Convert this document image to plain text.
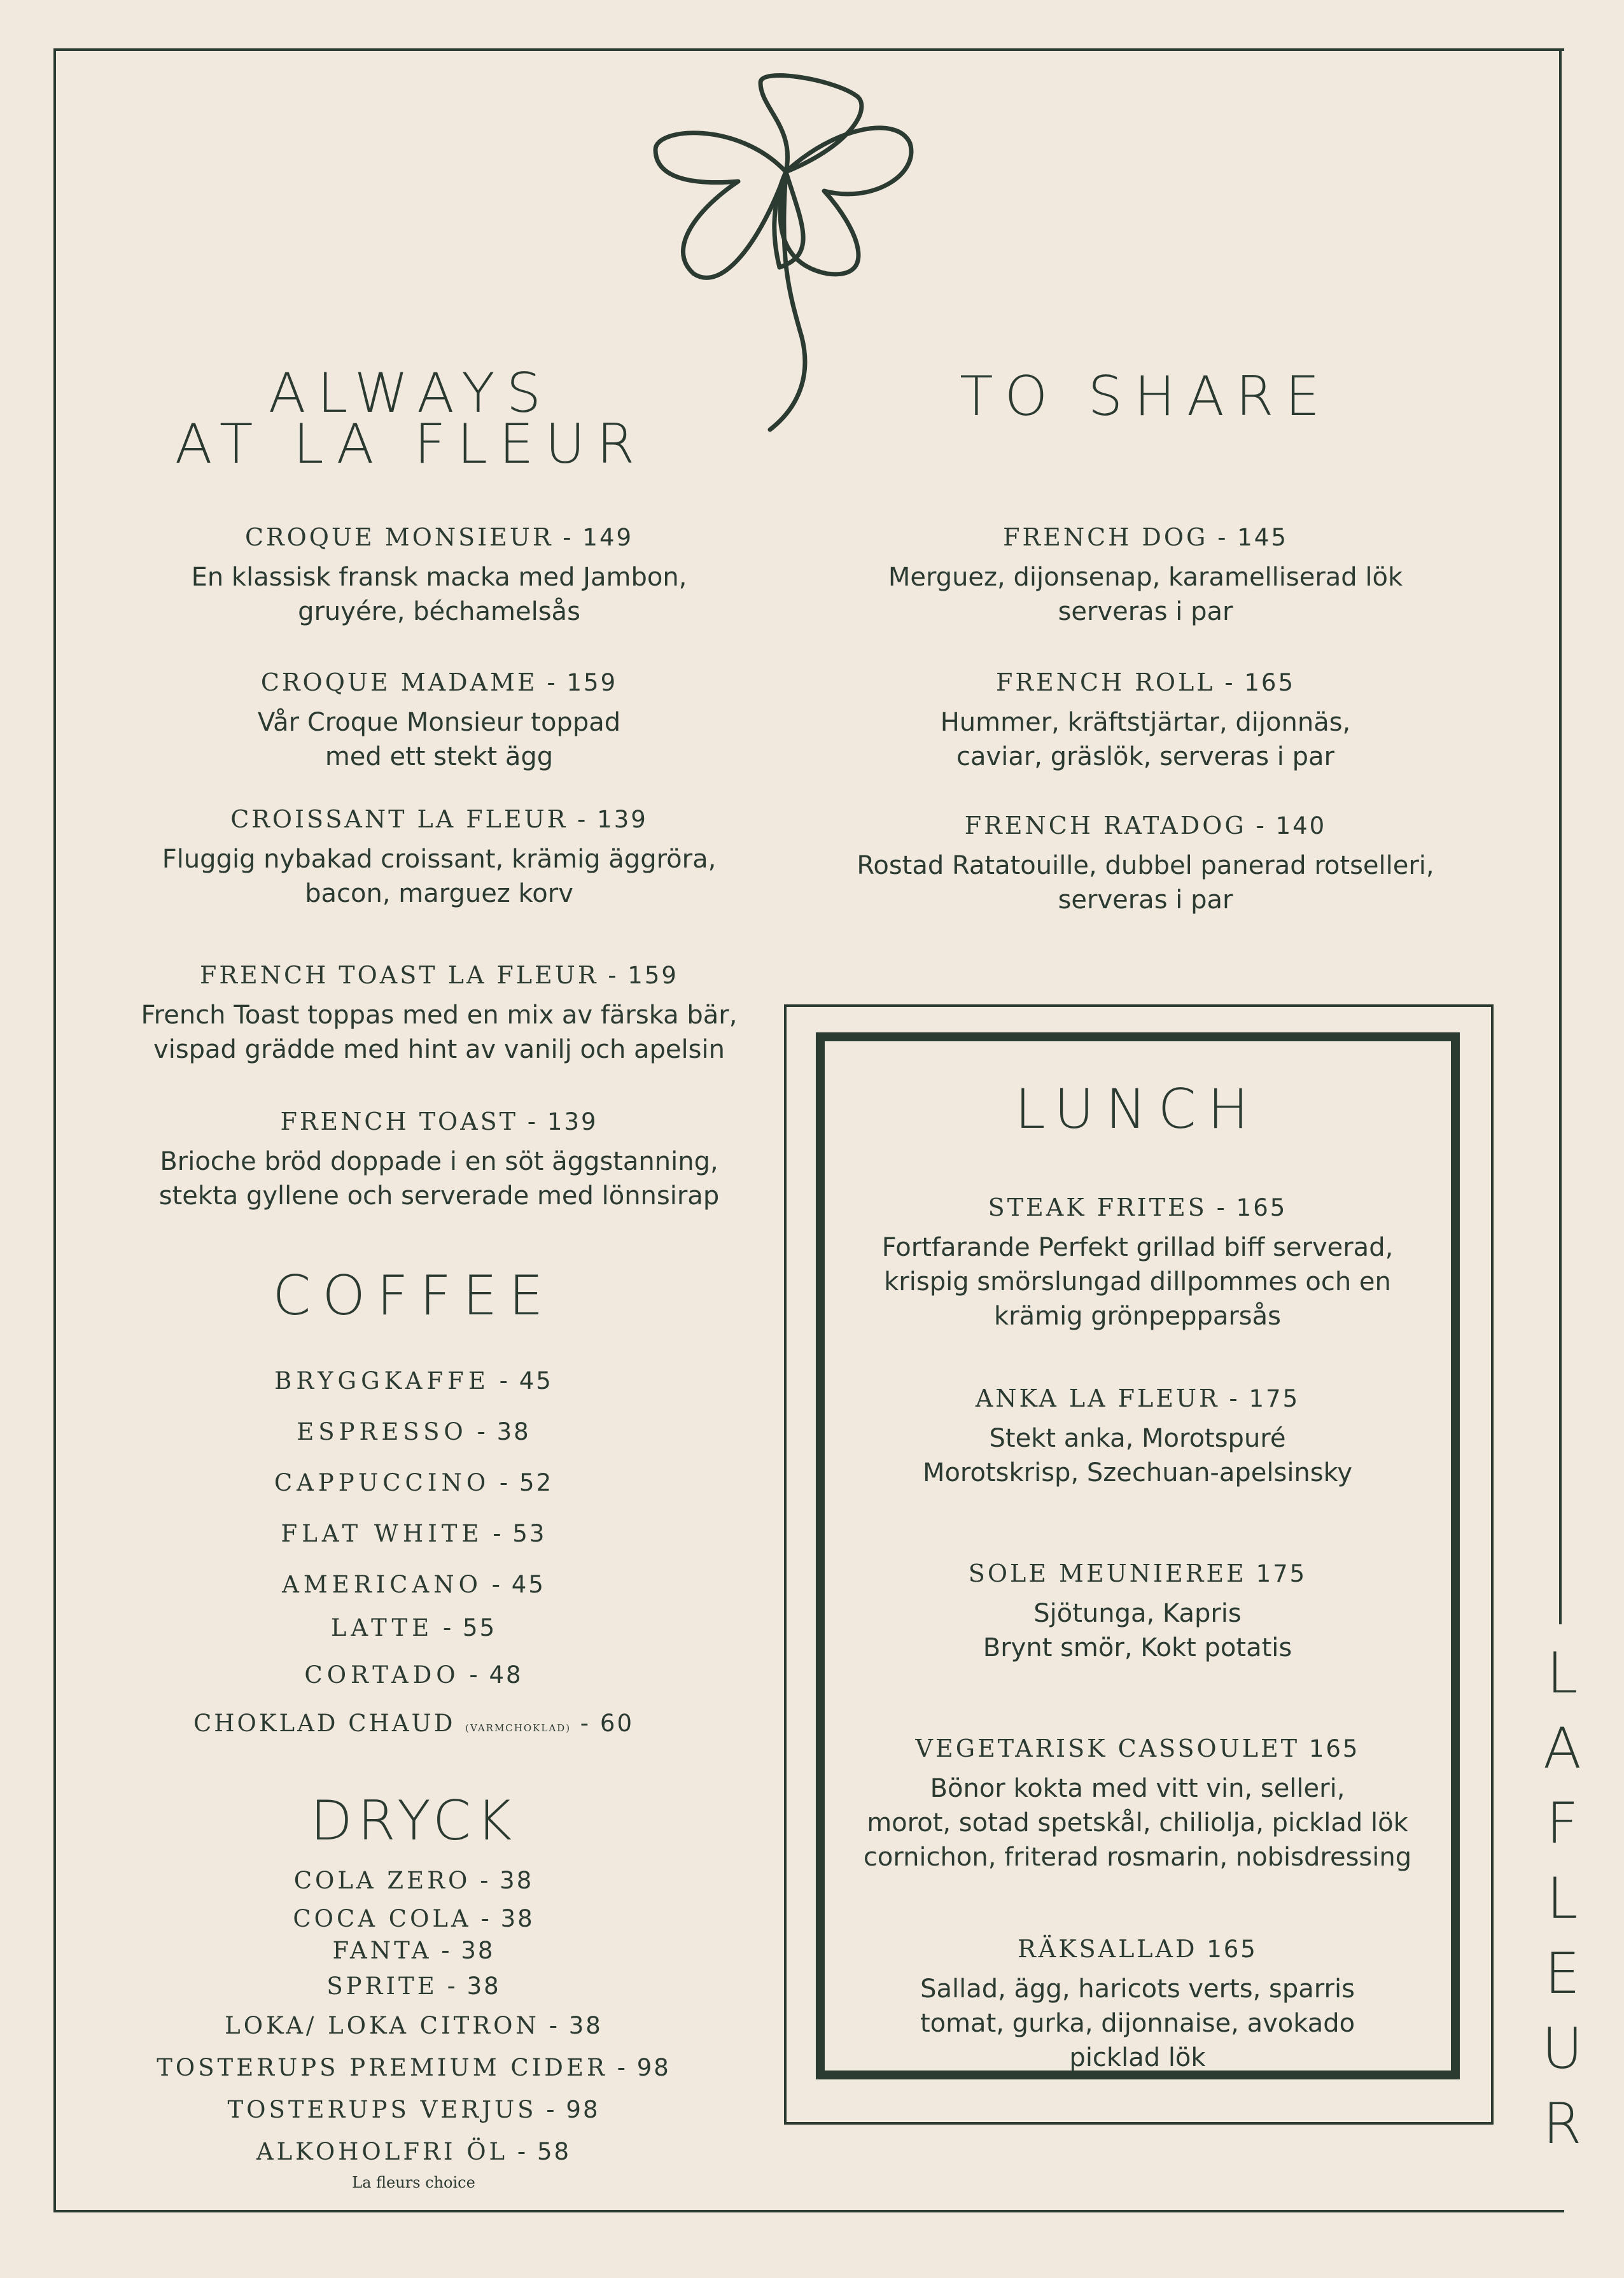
ALWAYS
AT LA FLEUR

CROQUE MONSIEUR - 149

En klassisk fransk macka med Jambon,
gruyére, béchamelsås

CROQUE MADAME - 159

Vår Croque Monsieur toppad
med ett stekt ägg

CROISSANT LA FLEUR - 139

Fluggig nybakad croissant, krämig äggröra,
bacon, marguez korv

FRENCH TOAST LA FLEUR - 159

French Toast toppas med en mix av färska bär,
vispad grädde med hint av vanilj och apelsin

FRENCH TOAST - 139

Brioche bröd doppade i en söt äggstanning,
stekta gyllene och serverade med lönnsirap

TO SHARE

FRENCH DOG - 145

Merguez, dijonsenap, karamelliserad lök
serveras i par

FRENCH ROLL - 165

Hummer, kräftstjärtar, dijonnäs,
caviar, gräslök, serveras i par

FRENCH RATADOG - 140

Rostad Ratatouille, dubbel panerad rotselleri,
serveras i par

COFFEE

BRYGGKAFFE - 45

ESPRESSO - 38

CAPPUCCINO - 52

FLAT WHITE - 53

AMERICANO - 45

LATTE - 55

CORTADO - 48

CHOKLAD CHAUD (VARMCHOKLAD) - 60

DRYCK

COLA ZERO - 38

COCA COLA - 38

FANTA - 38

SPRITE - 38

LOKA/ LOKA CITRON - 38

TOSTERUPS PREMIUM CIDER - 98

TOSTERUPS VERJUS - 98

ALKOHOLFRI ÖL - 58

La fleurs choice

LUNCH

STEAK FRITES - 165

Fortfarande Perfekt grillad biff serverad,
krispig smörslungad dillpommes och en
krämig grönpepparsås

ANKA LA FLEUR - 175

Stekt anka, Morotspuré
Morotskrisp, Szechuan-apelsinsky

SOLE MEUNIEREE 175

Sjötunga, Kapris
Brynt smör, Kokt potatis

VEGETARISK CASSOULET 165

Bönor kokta med vitt vin, selleri,
morot, sotad spetskål, chiliolja, picklad lök
cornichon, friterad rosmarin, nobisdressing

RÄKSALLAD 165

Sallad, ägg, haricots verts, sparris
tomat, gurka, dijonnaise, avokado
picklad lök

L
A
F
L
E
U
R
